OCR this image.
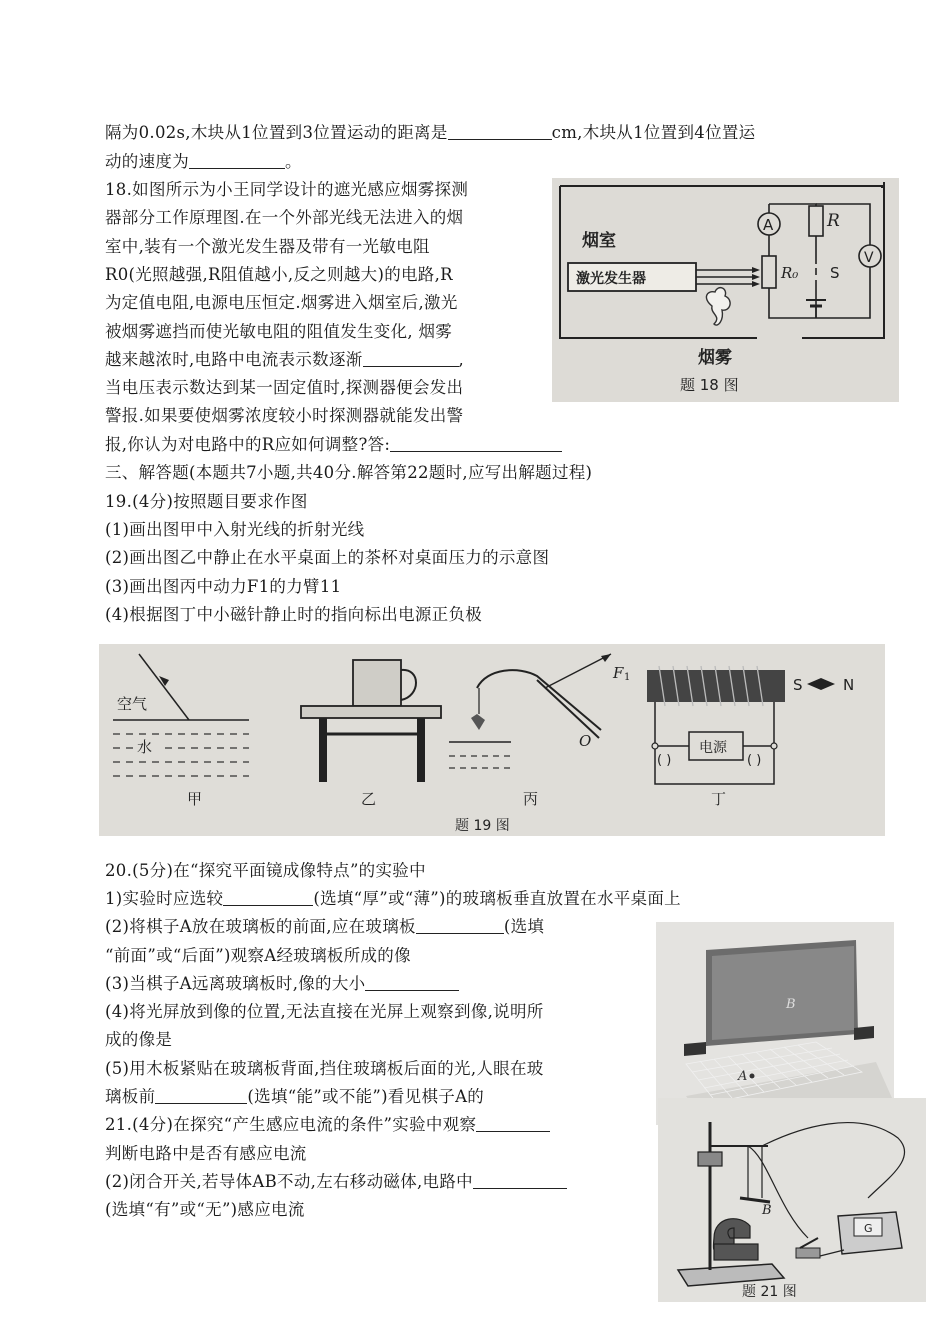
隔为0.02s,木块从1位置到3位置运动的距离是	cm,木块从1位置到4位置运
动的速度为	。
18.如图所示为小王同学设计的遮光感应烟雾探测
器部分工作原理图.在一个外部光线无法进入的烟
室中,装有一个激光发生器及带有一光敏电阻
R0(光照越强,R阻值越小,反之则越大)的电路,R
为定值电阻,电源电压恒定.烟雾进入烟室后,激光
被烟雾遮挡而使光敏电阻的阻值发生变化, 烟雾
越来越浓时,电路中电流表示数逐渐	,
当电压表示数达到某一固定值时,探测器便会发出
警报.如果要使烟雾浓度较小时探测器就能发出警
报,你认为对电路中的R应如何调整?答:
烟室
激光发生器
A
V
R
R₀ S
烟雾
题 18 图
三、解答题(本题共7小题,共40分.解答第22题时,应写出解题过程)
19.(4分)按照题目要求作图
(1)画出图甲中入射光线的折射光线
(2)画出图乙中静止在水平桌面上的茶杯对桌面压力的示意图
(3)画出图丙中动力F1的力臂11
(4)根据图丁中小磁针静止时的指向标出电源正负极
空气
水
F 1
O	电源
( )	( )
S	N
甲	乙	丙	丁
题 19 图
20.(5分)在“探究平面镜成像特点”的实验中
1)实验时应选较	(选填“厚”或“薄”)的玻璃板垂直放置在水平桌面上
(2)将棋子A放在玻璃板的前面,应在玻璃板	(选填
“前面”或“后面”)观察A经玻璃板所成的像
(3)当棋子A远离玻璃板时,像的大小
(4)将光屏放到像的位置,无法直接在光屏上观察到像,说明所
成的像是
(5)用木板紧贴在玻璃板背面,挡住玻璃板后面的光,人眼在玻
璃板前	(选填“能”或不能”)看见棋子A的
B
A
21.(4分)在探究“产生感应电流的条件”实验中观察
判断电路中是否有感应电流
(2)闭合开关,若导体AB不动,左右移动磁体,电路中
(选填“有”或“无”)感应电流	B
G
题 21 图
